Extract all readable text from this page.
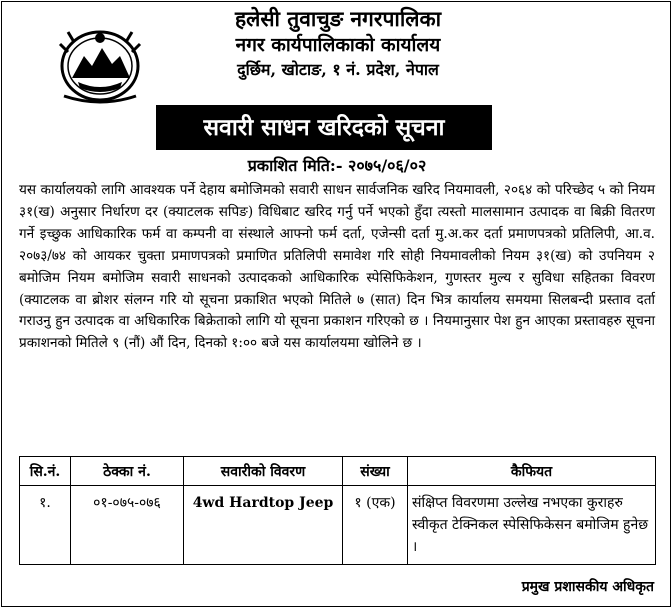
हलेसी तुवाचुङ नगरपालिका
नगर कार्यपालिकाको कार्यालय
दुर्छिम, खोटाङ, १ नं. प्रदेश, नेपाल
सवारी साधन खरिदको सूचना
प्रकाशित मिति:- २०७५/०६/०२
यस कार्यालयको लागि आवश्यक पर्ने देहाय बमोजिमको सवारी साधन सार्वजनिक खरिद नियमावली, २०६४ को परिच्छेद ५ को नियम ३१(ख) अनुसार निर्धारण दर (क्याटलक सपिङ) विधिबाट खरिद गर्नु पर्ने भएको हुँदा त्यस्तो मालसामान उत्पादक वा बिक्री वितरण गर्ने इच्छुक आधिकारिक फर्म वा कम्पनी वा संस्थाले आफ्नो फर्म दर्ता, एजेन्सी दर्ता मु.अ.कर दर्ता प्रमाणपत्रको प्रतिलिपी, आ.व. २०७३/७४ को आयकर चुक्ता प्रमाणपत्रको प्रमाणित प्रतिलिपी समावेश गरि सोही नियमावलीको नियम ३१(ख) को उपनियम २ बमोजिम नियम बमोजिम सवारी साधनको उत्पादकको आधिकारिक स्पेसिफिकेशन, गुणस्तर मुल्य र सुविधा सहितका विवरण (क्याटलक वा ब्रोशर संलग्न गरि यो सूचना प्रकाशित भएको मितिले ७ (सात) दिन भित्र कार्यालय समयमा सिलबन्दी प्रस्ताव दर्ता गराउनु हुन उत्पादक वा अधिकारिक बिक्रेताको लागि यो सूचना प्रकाशन गरिएको छ । नियमानुसार पेश हुन आएका प्रस्तावहरु सूचना प्रकाशनको मितिले ९ (नौं) औं दिन, दिनको १:०० बजे यस कार्यालयमा खोलिने छ ।
सि.नं.	ठेक्का नं.	सवारीको विवरण	संख्या	कैफियत
१.	०१-०७५-०७६	4wd Hardtop Jeep	१ (एक)	संक्षिप्त विवरणमा उल्लेख नभएका कुराहरु स्वीकृत टेक्निकल स्पेसिफिकेसन बमोजिम हुनेछ ।
प्रमुख प्रशासकीय अधिकृत
